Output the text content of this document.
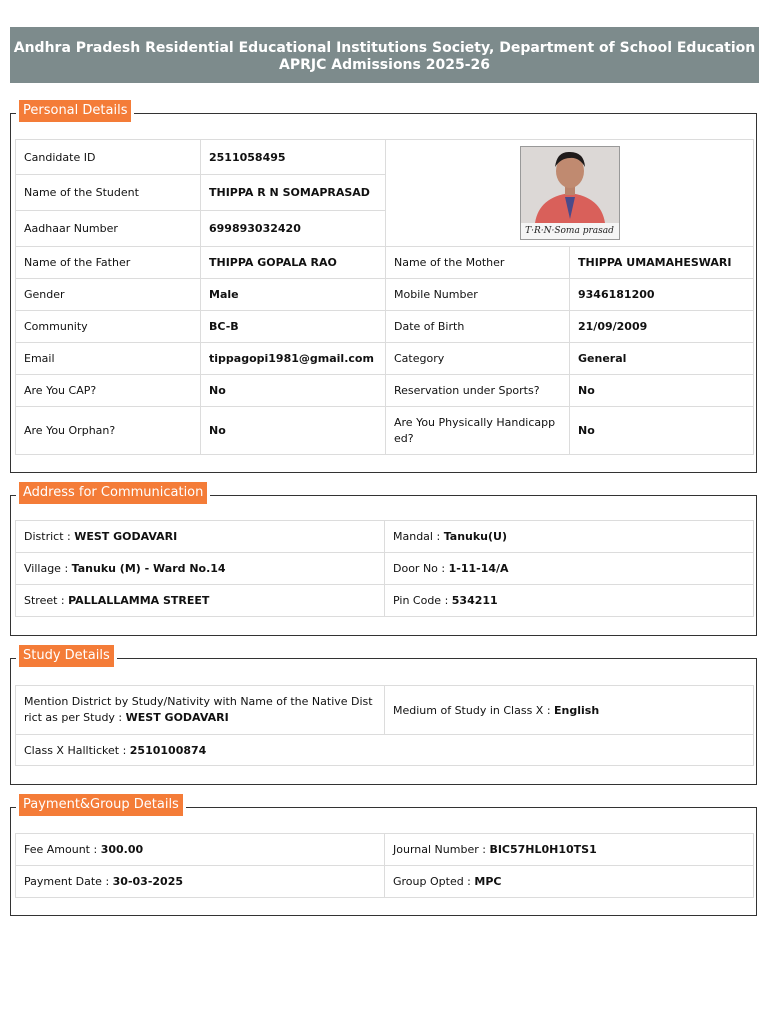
Andhra Pradesh Residential Educational Institutions Society, Department of School Education
APRJC Admissions 2025-26
Personal Details
Candidate ID	2511058495	T·R·N·Soma prasad	

Name of the Student	THIPPA R N SOMAPRASAD		
Aadhaar Number	699893032420		
Name of the Father	THIPPA GOPALA RAO	Name of the Mother	THIPPA UMAMAHESWARI
Gender	Male	Mobile Number	9346181200
Community	BC-B	Date of Birth	21/09/2009
Email	tippagopi1981@gmail.com	Category	General
Are You CAP?	No	Reservation under Sports?	No
Are You Orphan?	No	Are You Physically Handicapped?	No
Address for Communication
District : WEST GODAVARI	Mandal : Tanuku(U)
Village : Tanuku (M) - Ward No.14	Door No : 1-11-14/A
Street : PALLALLAMMA STREET	Pin Code : 534211
Study Details
Mention District by Study/Nativity with Name of the Native District as per Study : WEST GODAVARI	Medium of Study in Class X : English
Class X Hallticket : 2510100874
Payment&Group Details
Fee Amount : 300.00	Journal Number : BIC57HL0H10TS1
Payment Date : 30-03-2025	Group Opted : MPC
